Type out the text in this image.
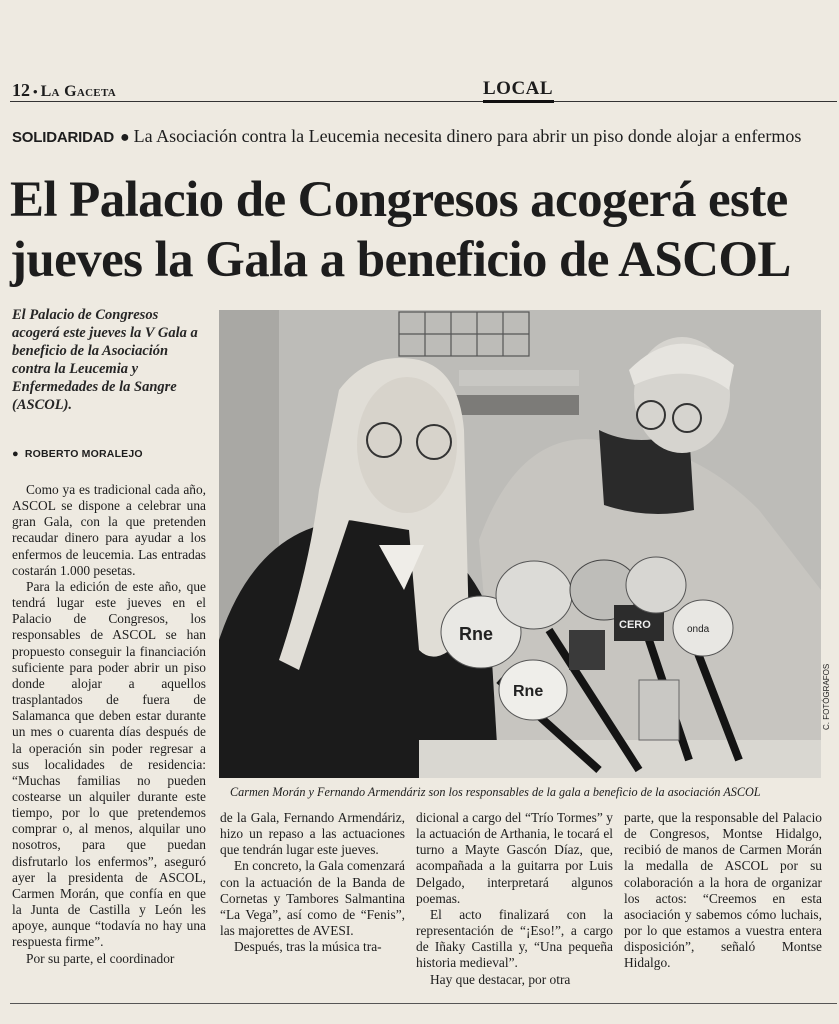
12 • La Gaceta	LOCAL
SOLIDARIDAD ● La Asociación contra la Leucemia necesita dinero para abrir un piso donde alojar a enfermos
El Palacio de Congresos acogerá este jueves la Gala a beneficio de ASCOL
El Palacio de Congresos acogerá este jueves la V Gala a beneficio de la Asociación contra la Leucemia y Enfermedades de la Sangre (ASCOL).
● ROBERTO MORALEJO

Como ya es tradicional cada año, ASCOL se dispone a celebrar una gran Gala, con la que pretenden recaudar dinero para ayudar a los enfermos de leucemia. Las entradas costarán 1.000 pesetas.

Para la edición de este año, que tendrá lugar este jueves en el Palacio de Congresos, los responsables de ASCOL se han propuesto conseguir la financiación suficiente para poder abrir un piso donde alojar a aquellos trasplantados de fuera de Salamanca que deben estar durante un mes o cuarenta días después de la operación sin poder regresar a sus localidades de residencia: “Muchas familias no pueden costearse un alquiler durante este tiempo, por lo que pretendemos comprar o, al menos, alquilar uno nosotros, para que puedan disfrutarlo los enfermos”, aseguró ayer la presidenta de ASCOL, Carmen Morán, que confía en que la Junta de Castilla y León les apoye, aunque “todavía no hay una respuesta firme”.

Por su parte, el coordinador

Rne
Rne
CERO	onda
C. FOTÓGRAFOS
Carmen Morán y Fernando Armendáriz son los responsables de la gala a beneficio de la asociación ASCOL

de la Gala, Fernando Armendáriz, hizo un repaso a las actuaciones que tendrán lugar este jueves.

En concreto, la Gala comenzará con la actuación de la Banda de Cornetas y Tambores Salmantina “La Vega”, así como de “Fenis”, las majorettes de AVESI.

Después, tras la música tra-

dicional a cargo del “Trío Tormes” y la actuación de Arthania, le tocará el turno a Mayte Gascón Díaz, que, acompañada a la guitarra por Luis Delgado, interpretará algunos poemas.

El acto finalizará con la representación de “¡Eso!”, a cargo de Iñaky Castilla y, “Una pequeña historia medieval”.

Hay que destacar, por otra

parte, que la responsable del Palacio de Congresos, Montse Hidalgo, recibió de manos de Carmen Morán la medalla de ASCOL por su colaboración a la hora de organizar los actos: “Creemos en esta asociación y sabemos cómo luchais, por lo que estamos a vuestra entera disposición”, señaló Montse Hidalgo.
